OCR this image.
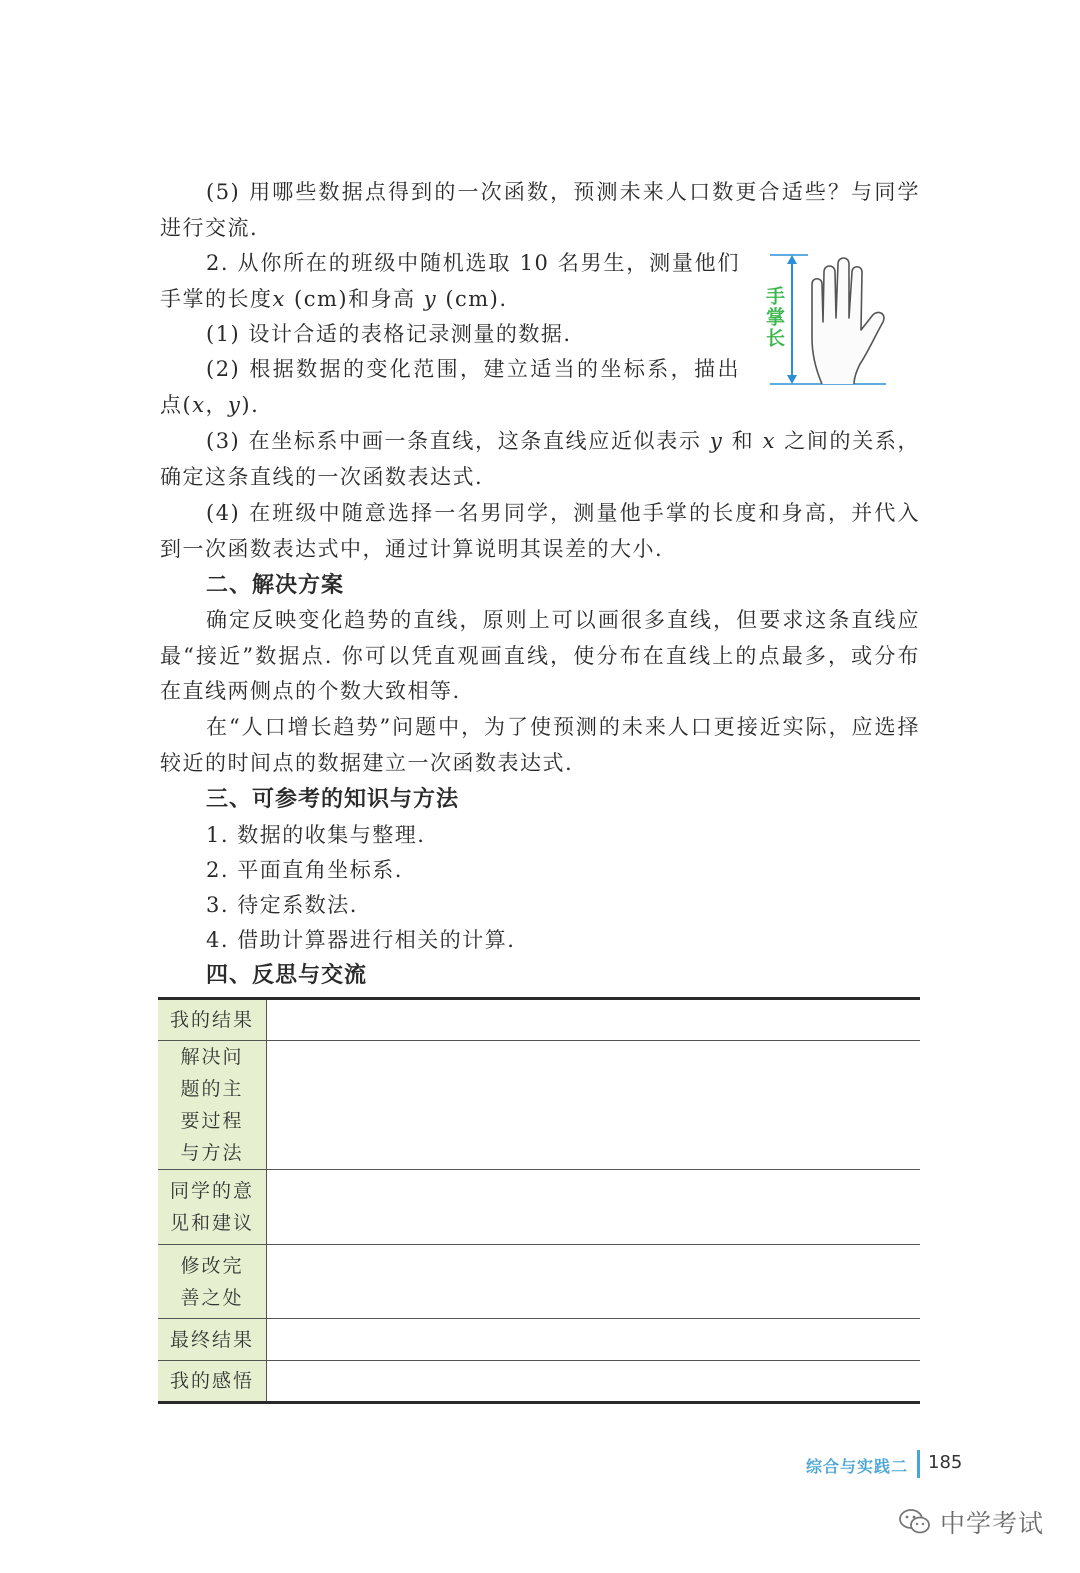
(5) 用哪些数据点得到的一次函数，预测未来人口数更合适些？与同学进行交流.

2. 从你所在的班级中随机选取 10 名男生，测量他们手掌的长度x (cm)和身高 y (cm).

(1) 设计合适的表格记录测量的数据.

(2) 根据数据的变化范围，建立适当的坐标系，描出点(x，y).

(3) 在坐标系中画一条直线，这条直线应近似表示 y 和 x 之间的关系，确定这条直线的一次函数表达式.

(4) 在班级中随意选择一名男同学，测量他手掌的长度和身高，并代入到一次函数表达式中，通过计算说明其误差的大小.

二、解决方案

确定反映变化趋势的直线，原则上可以画很多直线，但要求这条直线应最“接近”数据点. 你可以凭直观画直线，使分布在直线上的点最多，或分布在直线两侧点的个数大致相等.

在“人口增长趋势”问题中，为了使预测的未来人口更接近实际，应选择较近的时间点的数据建立一次函数表达式.

三、可参考的知识与方法

1. 数据的收集与整理.

2. 平面直角坐标系.

3. 待定系数法.

4. 借助计算器进行相关的计算.

四、反思与交流
手掌长
我的结果	
解决问题的主要过程与方法	
同学的意见和建议	
修改完善之处	
最终结果	
我的感悟	
综合与实践二 185
中学考试
